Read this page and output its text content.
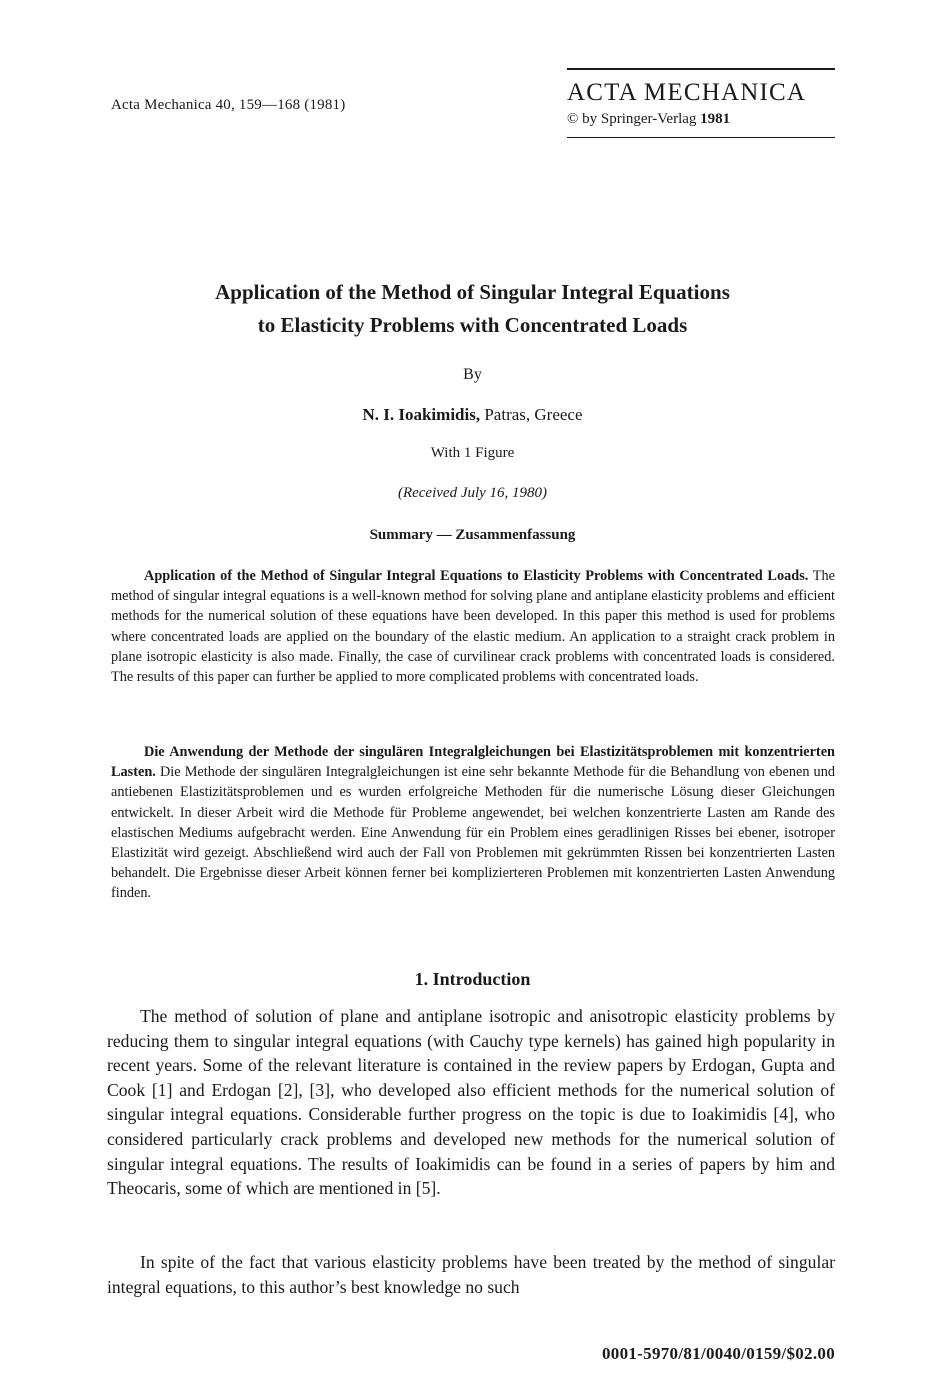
Acta Mechanica 40, 159—168 (1981)	ACTA MECHANICA
© by Springer-Verlag 1981
Application of the Method of Singular Integral Equations
to Elasticity Problems with Concentrated Loads
By
N. I. Ioakimidis, Patras, Greece
With 1 Figure
(Received July 16, 1980)
Summary — Zusammenfassung

Application of the Method of Singular Integral Equations to Elasticity Problems with Concentrated Loads. The method of singular integral equations is a well-known method for solving plane and antiplane elasticity problems and efficient methods for the numerical solution of these equations have been developed. In this paper this method is used for problems where concentrated loads are applied on the boundary of the elastic medium. An application to a straight crack problem in plane isotropic elasticity is also made. Finally, the case of curvilinear crack problems with concentrated loads is considered. The results of this paper can further be applied to more complicated problems with concentrated loads.

Die Anwendung der Methode der singulären Integralgleichungen bei Elastizitätsproblemen mit konzentrierten Lasten. Die Methode der singulären Integralgleichungen ist eine sehr bekannte Methode für die Behandlung von ebenen und antiebenen Elastizitätsproblemen und es wurden erfolgreiche Methoden für die numerische Lösung dieser Gleichungen entwickelt. In dieser Arbeit wird die Methode für Probleme angewendet, bei welchen konzentrierte Lasten am Rande des elastischen Mediums aufgebracht werden. Eine Anwendung für ein Problem eines geradlinigen Risses bei ebener, isotroper Elastizität wird gezeigt. Abschließend wird auch der Fall von Problemen mit gekrümmten Rissen bei konzentrierten Lasten behandelt. Die Ergebnisse dieser Arbeit können ferner bei komplizierteren Problemen mit konzentrierten Lasten Anwendung finden.

1. Introduction

The method of solution of plane and antiplane isotropic and anisotropic elasticity problems by reducing them to singular integral equations (with Cauchy type kernels) has gained high popularity in recent years. Some of the relevant literature is contained in the review papers by Erdogan, Gupta and Cook [1] and Erdogan [2], [3], who developed also efficient methods for the numerical solution of singular integral equations. Considerable further progress on the topic is due to Ioakimidis [4], who considered particularly crack problems and developed new methods for the numerical solution of singular integral equations. The results of Ioakimidis can be found in a series of papers by him and Theocaris, some of which are mentioned in [5].

In spite of the fact that various elasticity problems have been treated by the method of singular integral equations, to this author’s best knowledge no such

0001-5970/81/0040/0159/$02.00
